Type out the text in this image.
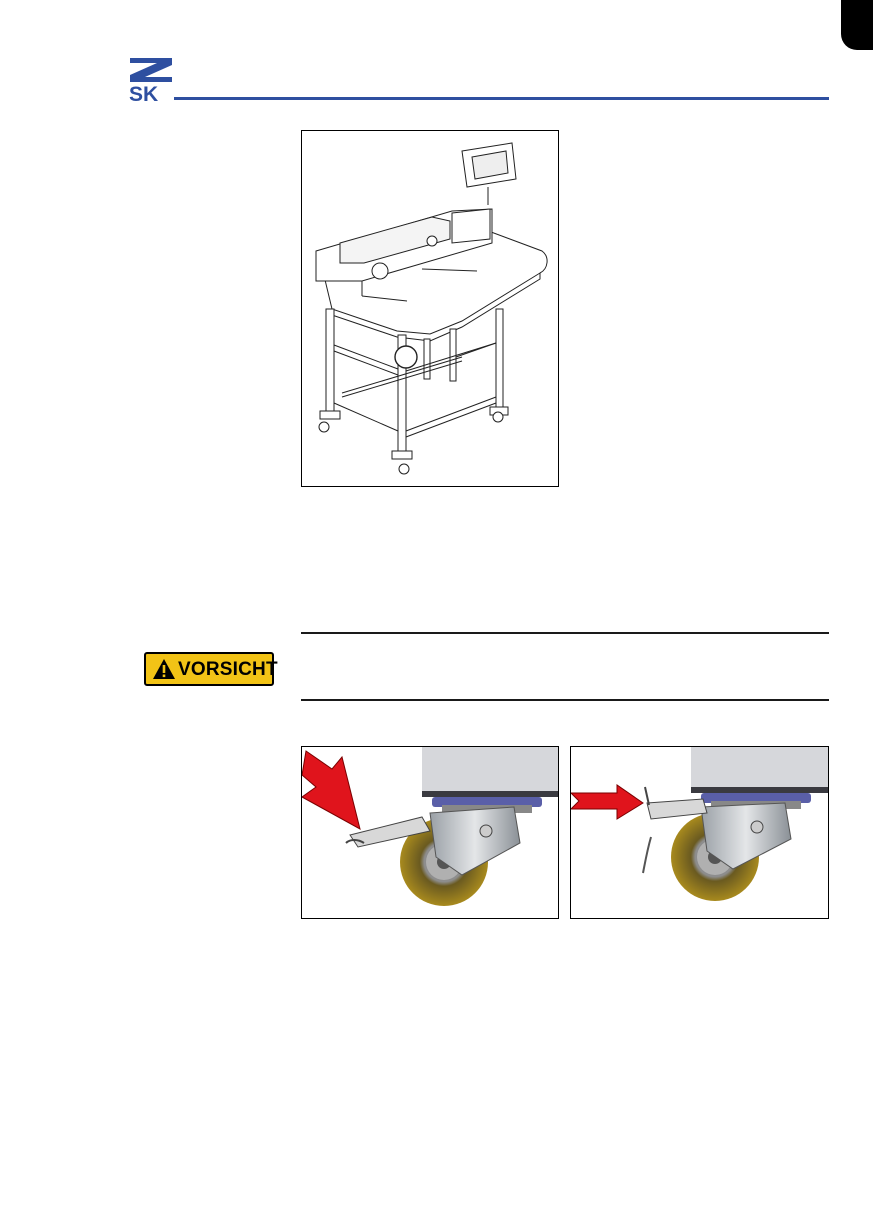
SK
VORSICHT
